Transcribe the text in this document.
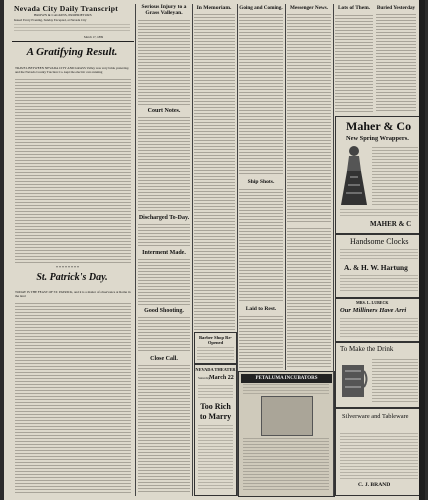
Nevada City Daily Transcript
BROWN & CALKINS, PROPRIETORS
Issued Every Evening, Sunday Excepted, at Nevada City
March 17, 1899
A Gratifying Result.
TRAVEL BETWEEN NEVADA CITY AND GRASS Valley was very brisk yesterday, and the Nevada County Traction Co. kept the electric cars running
* * * * * * * *
St. Patrick's Day.
TODAY IS THE FEAST OF ST. PATRICK, and it is a matter of observance at Rome in the land
Serious Injury to a Grass Valleyan.
Court Notes.
Discharged To-Day.
Interment Made.
Good Shooting.
Close Call.
In Memoriam.
Barber Shop Re-Opened
NEVADA THEATER
Saturday
March 22
Too Rich
to Marry
Going and Coming.
Ship Shots.
Laid to Rest.
Messenger News.
PETALUMA INCUBATORS
Lots of Them.	Buried Yesterday
Maher & Co
New Spring Wrappers.
MAHER & C
Handsome Clocks
A. & H. W. Hartung
MRS. L. LUBECK
Our Milliners Have Arri
To Make the Drink
Silverware and Tableware
C. J. BRAND
